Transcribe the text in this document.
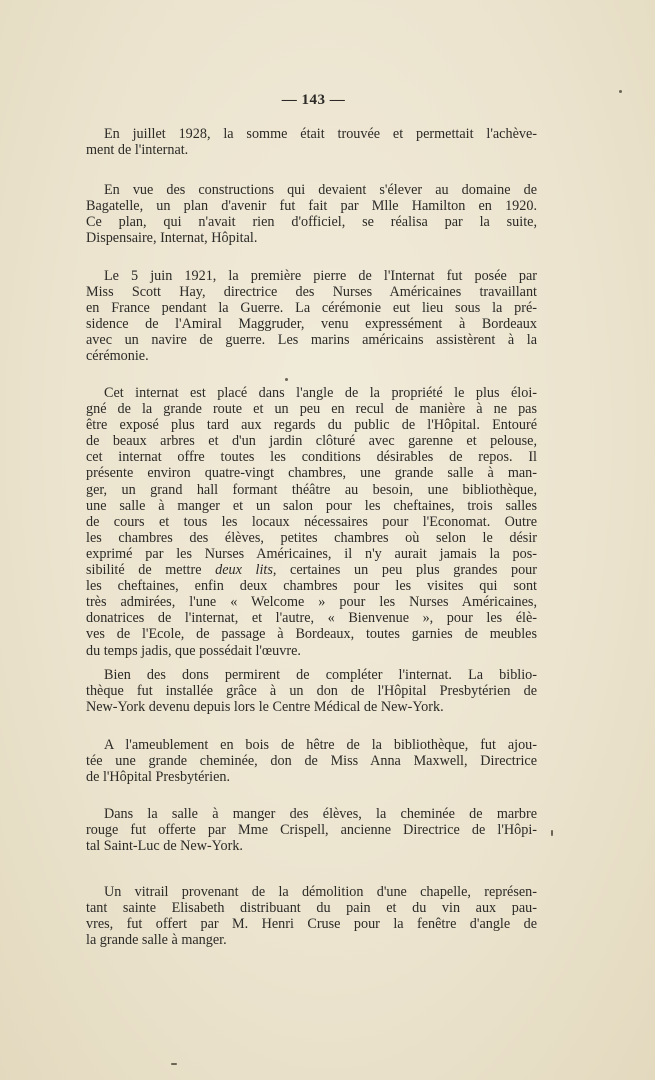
— 143 —
En juillet 1928, la somme était trouvée et permettait l'achève-
ment de l'internat.
En vue des constructions qui devaient s'élever au domaine de
Bagatelle, un plan d'avenir fut fait par Mlle Hamilton en 1920.
Ce plan, qui n'avait rien d'officiel, se réalisa par la suite,
Dispensaire, Internat, Hôpital.
Le 5 juin 1921, la première pierre de l'Internat fut posée par
Miss Scott Hay, directrice des Nurses Américaines travaillant
en France pendant la Guerre. La cérémonie eut lieu sous la pré-
sidence de l'Amiral Maggruder, venu expressément à Bordeaux
avec un navire de guerre. Les marins américains assistèrent à la
cérémonie.
Cet internat est placé dans l'angle de la propriété le plus éloi-
gné de la grande route et un peu en recul de manière à ne pas
être exposé plus tard aux regards du public de l'Hôpital. Entouré
de beaux arbres et d'un jardin clôturé avec garenne et pelouse,
cet internat offre toutes les conditions désirables de repos. Il
présente environ quatre-vingt chambres, une grande salle à man-
ger, un grand hall formant théâtre au besoin, une bibliothèque,
une salle à manger et un salon pour les cheftaines, trois salles
de cours et tous les locaux nécessaires pour l'Economat. Outre
les chambres des élèves, petites chambres où selon le désir
exprimé par les Nurses Américaines, il n'y aurait jamais la pos-
sibilité de mettre deux lits, certaines un peu plus grandes pour
les cheftaines, enfin deux chambres pour les visites qui sont
très admirées, l'une « Welcome » pour les Nurses Américaines,
donatrices de l'internat, et l'autre, « Bienvenue », pour les élè-
ves de l'Ecole, de passage à Bordeaux, toutes garnies de meubles
du temps jadis, que possédait l'œuvre.
Bien des dons permirent de compléter l'internat. La biblio-
thèque fut installée grâce à un don de l'Hôpital Presbytérien de
New-York devenu depuis lors le Centre Médical de New-York.
A l'ameublement en bois de hêtre de la bibliothèque, fut ajou-
tée une grande cheminée, don de Miss Anna Maxwell, Directrice
de l'Hôpital Presbytérien.
Dans la salle à manger des élèves, la cheminée de marbre
rouge fut offerte par Mme Crispell, ancienne Directrice de l'Hôpi-
tal Saint-Luc de New-York.
Un vitrail provenant de la démolition d'une chapelle, représen-
tant sainte Elisabeth distribuant du pain et du vin aux pau-
vres, fut offert par M. Henri Cruse pour la fenêtre d'angle de
la grande salle à manger.
